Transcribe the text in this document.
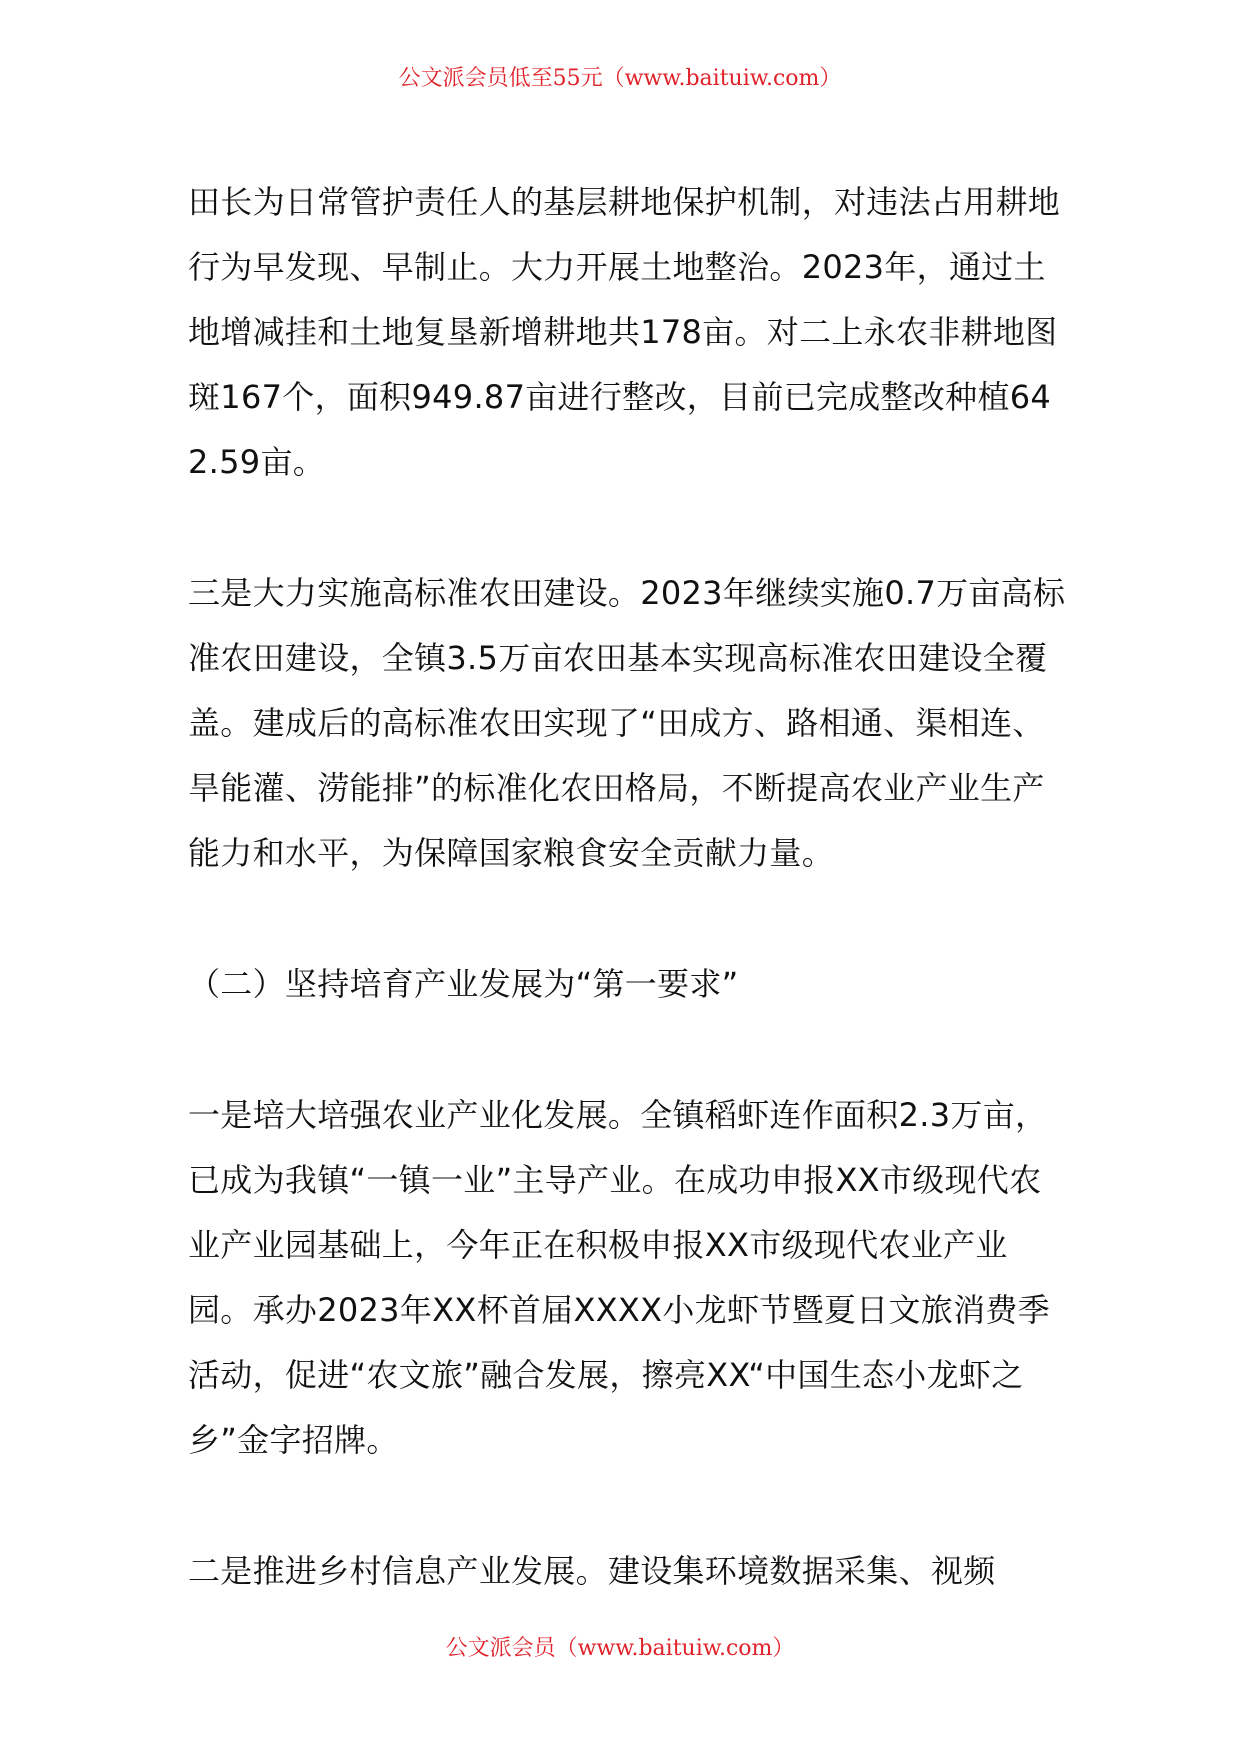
公文派会员低至55元（www.baituiw.com）

田长为日常管护责任人的基层耕地保护机制，对违法占用耕地行为早发现、早制止。大力开展土地整治。2023年，通过土地增减挂和土地复垦新增耕地共178亩。对二上永农非耕地图斑167个，面积949.87亩进行整改，目前已完成整改种植642.59亩。

三是大力实施高标准农田建设。2023年继续实施0.7万亩高标准农田建设，全镇3.5万亩农田基本实现高标准农田建设全覆盖。建成后的高标准农田实现了“田成方、路相通、渠相连、旱能灌、涝能排”的标准化农田格局，不断提高农业产业生产能力和水平，为保障国家粮食安全贡献力量。

（二）坚持培育产业发展为“第一要求”

一是培大培强农业产业化发展。全镇稻虾连作面积2.3万亩，已成为我镇“一镇一业”主导产业。在成功申报XX市级现代农业产业园基础上，今年正在积极申报XX市级现代农业产业园。承办2023年XX杯首届XXXX小龙虾节暨夏日文旅消费季活动，促进“农文旅”融合发展，擦亮XX“中国生态小龙虾之乡”金字招牌。

二是推进乡村信息产业发展。建设集环境数据采集、视频

公文派会员（www.baituiw.com）
